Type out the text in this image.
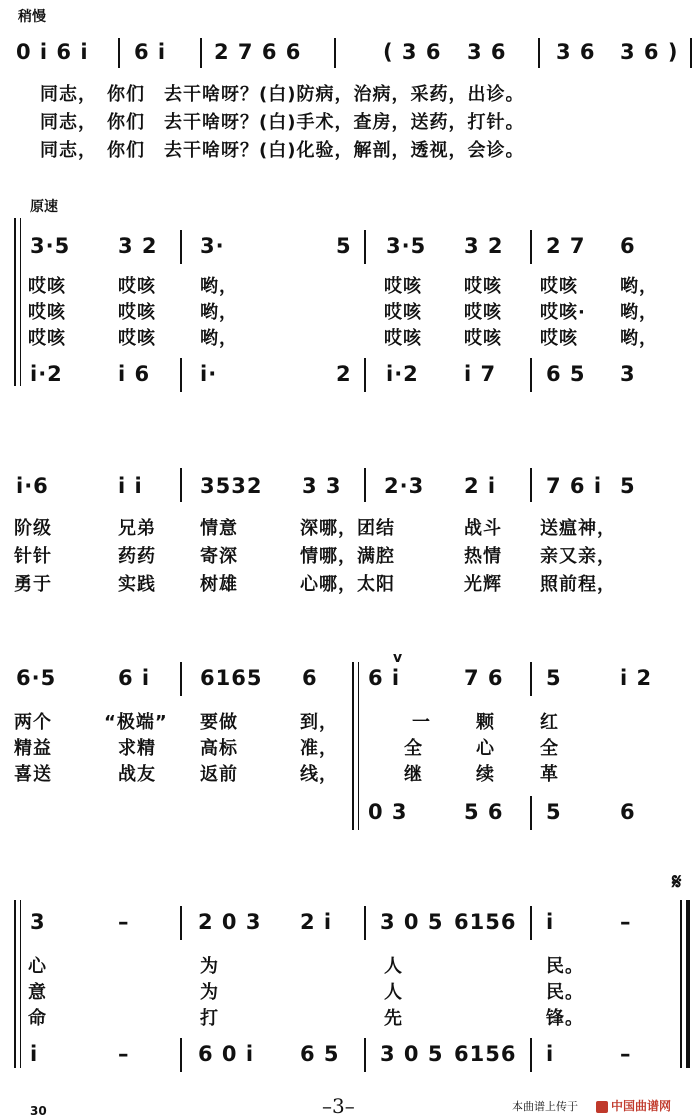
稍慢
0 i 6 i 6 i 2 7 6 6	( 3 6 3 6 3 6 3 6 )
同志，　你们　去干啥呀？(白)防病，治病，采药，出诊。
同志，　你们　去干啥呀？(白)手术，查房，送药，打针。
同志，　你们　去干啥呀？(白)化验，解剖，透视，会诊。
原速
3·5 3 2 3·	5 3·5 3 2 2 7 6
哎咳	哎咳 哟，	哎咳 哎咳 哎咳 哟，
哎咳	哎咳 哟，	哎咳 哎咳 哎咳· 哟，
哎咳	哎咳 哟，	哎咳 哎咳 哎咳 哟，
i·2	i 6 i·	2 i·2 i 7 6 5 3
i·6	i i	3532 3 3 2·3 2 i 7 6 i 5
阶级	兄弟 情意	深哪，团结	战斗 送瘟神，
针针	药药 寄深	情哪，满腔	热情 亲又亲，
勇于	实践 树雄	心哪，太阳	光辉 照前程，
6·5	6 i 6165 6
v
6 i	7 6 5	i 2
两个	“极端” 要做	到，	一	颗	红
精益	求精 高标	准，	全	心	全
喜送	战友 返前	线，	继	续	革
0 3	5 6 5	6
3	–	2 0 3 2 i 3 0 5 6156 i	–
𝄋
心	为	人	民。
意	为	人	民。
命	打	先	锋。
i	–	6 0 i 6 5 3 0 5 6156 i	–
30	–3–	本曲谱上传于	中国曲谱网
